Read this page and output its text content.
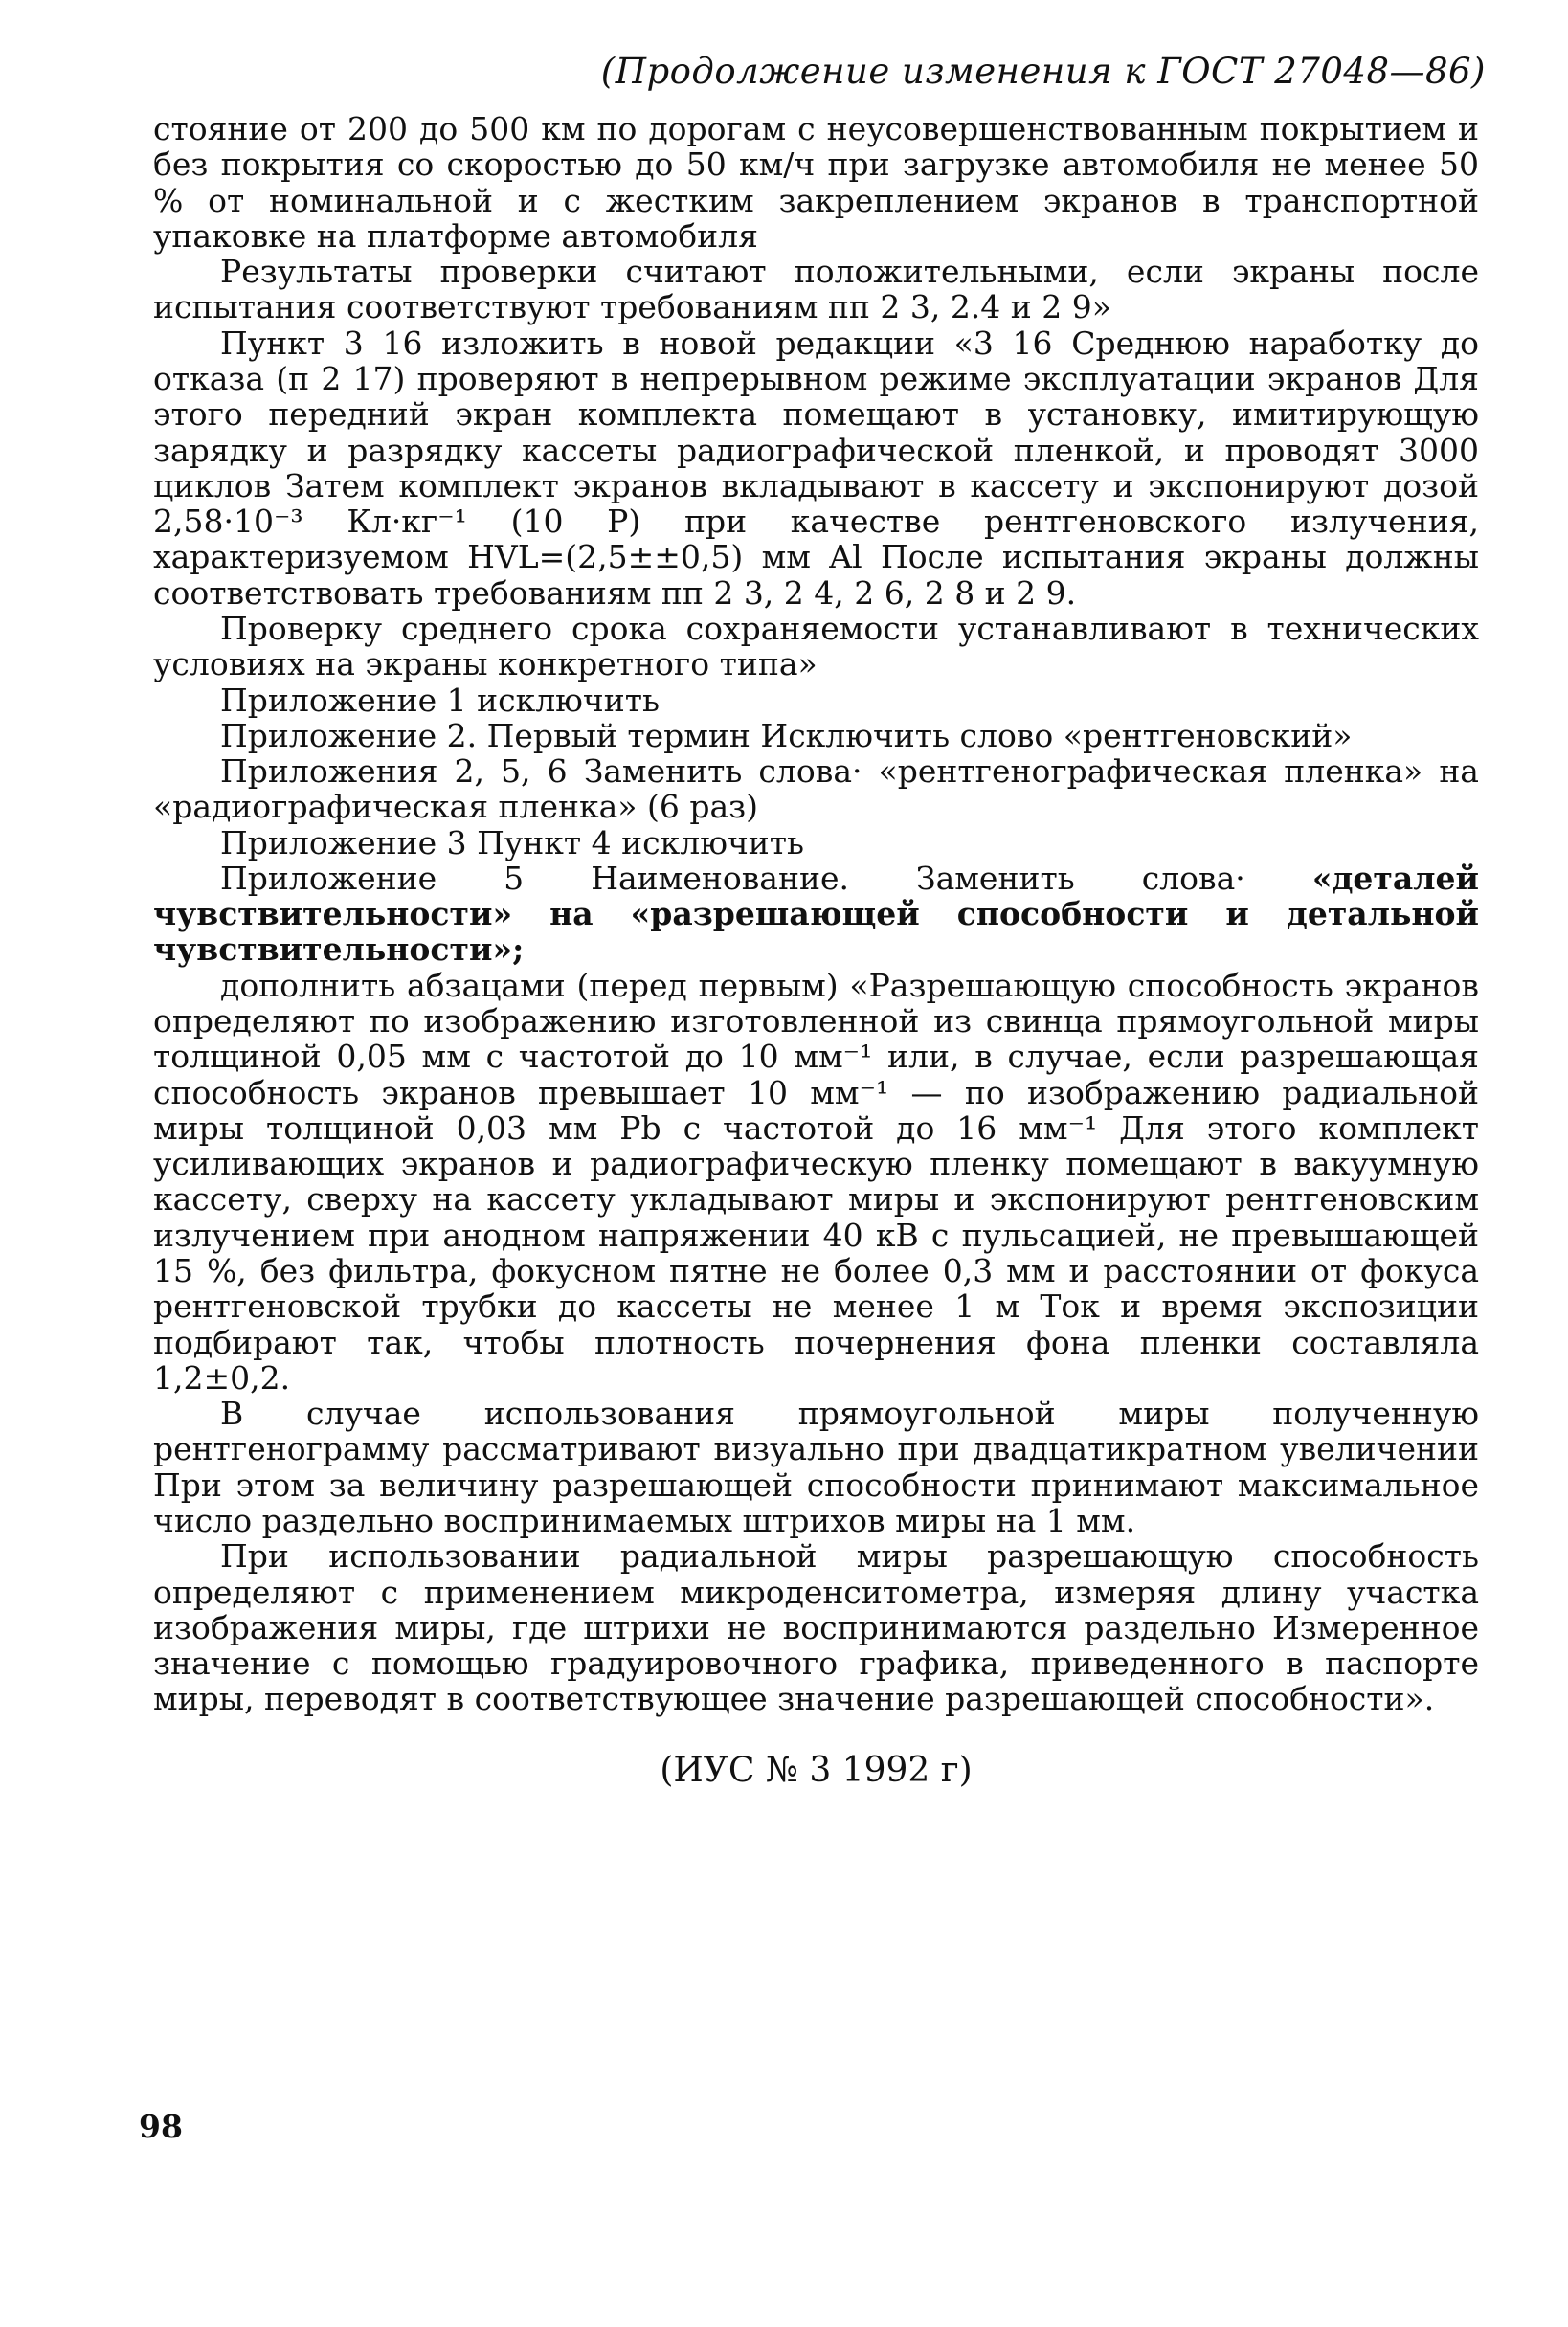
(Продолжение изменения к ГОСТ 27048—86)

стояние от 200 до 500 км по дорогам с неусовершенствованным покрытием и без покрытия со скоростью до 50 км/ч при загрузке автомобиля не менее 50 % от номинальной и с жестким закреплением экранов в транспортной упаковке на платформе автомобиля

Результаты проверки считают положительными, если экраны после испытания соответствуют требованиям пп 2 3, 2.4 и 2 9»

Пункт 3 16 изложить в новой редакции «3 16 Среднюю наработку до отказа (п 2 17) проверяют в непрерывном режиме эксплуатации экранов Для этого передний экран комплекта помещают в установку, имитирующую зарядку и разрядку кассеты радиографической пленкой, и проводят 3000 циклов Затем комплект экранов вкладывают в кассету и экспонируют дозой 2,58·10⁻³ Кл·кг⁻¹ (10 Р) при качестве рентгеновского излучения, характеризуемом HVL=(2,5±±0,5) мм Al После испытания экраны должны соответствовать требованиям пп 2 3, 2 4, 2 6, 2 8 и 2 9.

Проверку среднего срока сохраняемости устанавливают в технических условиях на экраны конкретного типа»

Приложение 1 исключить

Приложение 2. Первый термин Исключить слово «рентгеновский»

Приложения 2, 5, 6 Заменить слова· «рентгенографическая пленка» на «радиографическая пленка» (6 раз)

Приложение 3 Пункт 4 исключить

Приложение 5 Наименование. Заменить слова· «деталей чувствительности» на «разрешающей способности и детальной чувствительности»;

дополнить абзацами (перед первым) «Разрешающую способность экранов определяют по изображению изготовленной из свинца прямоугольной миры толщиной 0,05 мм с частотой до 10 мм⁻¹ или, в случае, если разрешающая способность экранов превышает 10 мм⁻¹ — по изображению радиальной миры толщиной 0,03 мм Pb с частотой до 16 мм⁻¹ Для этого комплект усиливающих экранов и радиографическую пленку помещают в вакуумную кассету, сверху на кассету укладывают миры и экспонируют рентгеновским излучением при анодном напряжении 40 кВ с пульсацией, не превышающей 15 %, без фильтра, фокусном пятне не более 0,3 мм и расстоянии от фокуса рентгеновской трубки до кассеты не менее 1 м Ток и время экспозиции подбирают так, чтобы плотность почернения фона пленки составляла 1,2±0,2.

В случае использования прямоугольной миры полученную рентгенограмму рассматривают визуально при двадцатикратном увеличении При этом за величину разрешающей способности принимают максимальное число раздельно воспринимаемых штрихов миры на 1 мм.

При использовании радиальной миры разрешающую способность определяют с применением микроденситометра, измеряя длину участка изображения миры, где штрихи не воспринимаются раздельно Измеренное значение с помощью градуировочного графика, приведенного в паспорте миры, переводят в соответствующее значение разрешающей способности».

(ИУС № 3 1992 г)

98
